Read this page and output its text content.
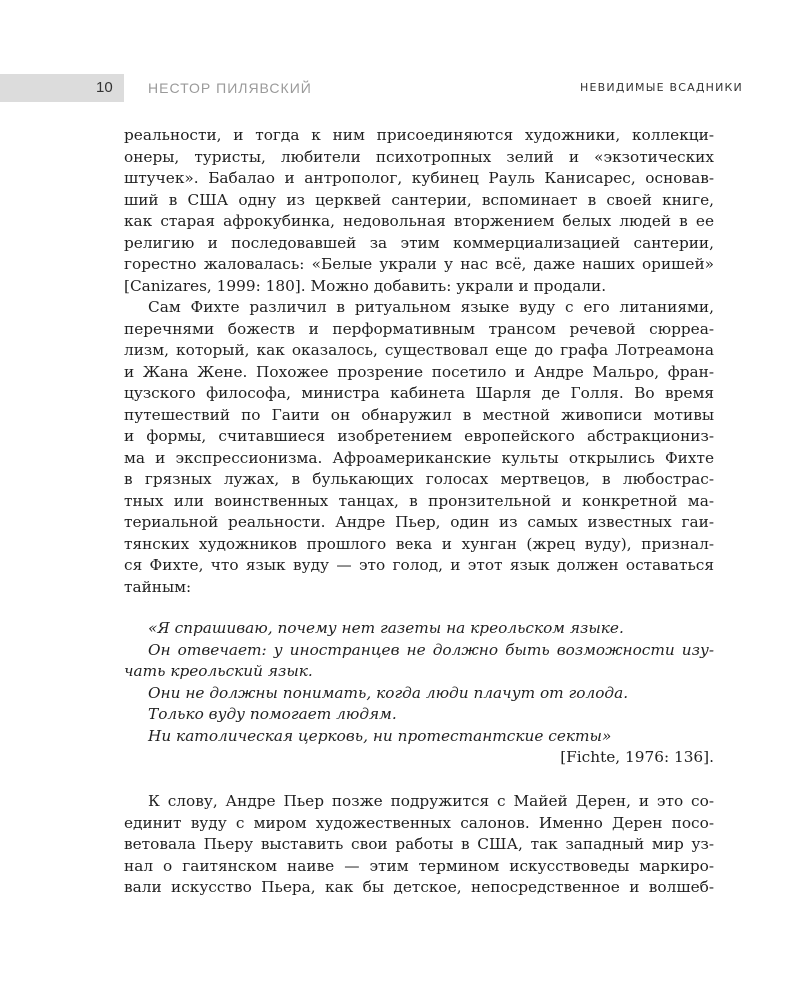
10	НЕСТОР ПИЛЯВСКИЙ	НЕВИДИМЫЕ ВСАДНИКИ
реальности, и тогда к ним присоединяются художники, коллекци-
онеры, туристы, любители психотропных зелий и «экзотических
штучек». Бабалао и антрополог, кубинец Рауль Канисарес, основав-
ший в США одну из церквей сантерии, вспоминает в своей книге,
как старая афрокубинка, недовольная вторжением белых людей в ее
религию и последовавшей за этим коммерциализацией сантерии,
горестно жаловалась: «Белые украли у нас всё, даже наших оришей»
[Canizares, 1999: 180]. Можно добавить: украли и продали.
Сам Фихте различил в ритуальном языке вуду с его литаниями,
перечнями божеств и перформативным трансом речевой сюрреа-
лизм, который, как оказалось, существовал еще до графа Лотреамона
и Жана Жене. Похожее прозрение посетило и Андре Мальро, фран-
цузского философа, министра кабинета Шарля де Голля. Во время
путешествий по Гаити он обнаружил в местной живописи мотивы
и формы, считавшиеся изобретением европейского абстракциониз-
ма и экспрессионизма. Афроамериканские культы открылись Фихте
в грязных лужах, в булькающих голосах мертвецов, в любострас-
тных или воинственных танцах, в пронзительной и конкретной ма-
териальной реальности. Андре Пьер, один из самых известных гаи-
тянских художников прошлого века и хунган (жрец вуду), признал-
ся Фихте, что язык вуду — это голод, и этот язык должен оставаться
тайным:
«Я спрашиваю, почему нет газеты на креольском языке.
Он отвечает: у иностранцев не должно быть возможности изу-
чать креольский язык.
Они не должны понимать, когда люди плачут от голода.
Только вуду помогает людям.
Ни католическая церковь, ни протестантские секты»
[Fichte, 1976: 136].
К слову, Андре Пьер позже подружится с Майей Дерен, и это со-
единит вуду с миром художественных салонов. Именно Дерен посо-
ветовала Пьеру выставить свои работы в США, так западный мир уз-
нал о гаитянском наиве — этим термином искусствоведы маркиро-
вали искусство Пьера, как бы детское, непосредственное и волшеб-
